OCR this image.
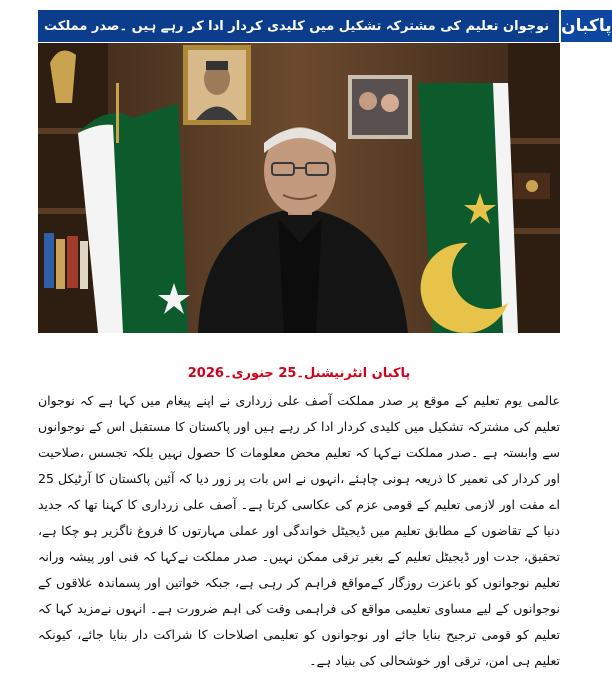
نوجوان تعلیم کی مشترکہ تشکیل میں کلیدی کردار ادا کر رہے ہیں ۔صدر مملکت پاکبان
پاکبان انٹرنیشنل۔25 جنوری۔2026
عالمی یوم تعلیم کے موقع پر صدر مملکت آصف علی زرداری نے اپنے پیغام میں کہا ہے کہ نوجوان تعلیم کی مشترکہ تشکیل میں کلیدی کردار ادا کر رہے ہیں اور پاکستان کا مستقبل اس کے نوجوانوں سے وابستہ ہے ۔صدر مملکت نےکہا کہ تعلیم محض معلومات کا حصول نہیں بلکہ تجسس ،صلاحیت اور کردار کی تعمیر کا ذریعہ ہونی چاہئے ،انہوں نے اس بات پر زور دیا کہ آئین پاکستان کا آرٹیکل 25 اے مفت اور لازمی تعلیم کے قومی عزم کی عکاسی کرتا ہے۔ آصف علی زرداری کا کہنا تھا کہ جدید دنیا کے تقاضوں کے مطابق تعلیم میں ڈیجیٹل خواندگی اور عملی مہارتوں کا فروغ ناگزیر ہو چکا ہے، تحقیق، جدت اور ڈیجیٹل تعلیم کے بغیر ترقی ممکن نہیں۔ صدر مملکت نےکہا کہ فنی اور پیشہ ورانہ تعلیم نوجوانوں کو باعزت روزگار کےمواقع فراہم کر رہی ہے، جبکہ خواتین اور پسماندہ علاقوں کے نوجوانوں کے لیے مساوی تعلیمی مواقع کی فراہمی وقت کی اہم ضرورت ہے۔ انہوں نےمزید کہا کہ تعلیم کو قومی ترجیح بنایا جائے اور نوجوانوں کو تعلیمی اصلاحات کا شراکت دار بنایا جائے، کیونکہ تعلیم ہی امن، ترقی اور خوشحالی کی بنیاد ہے۔
